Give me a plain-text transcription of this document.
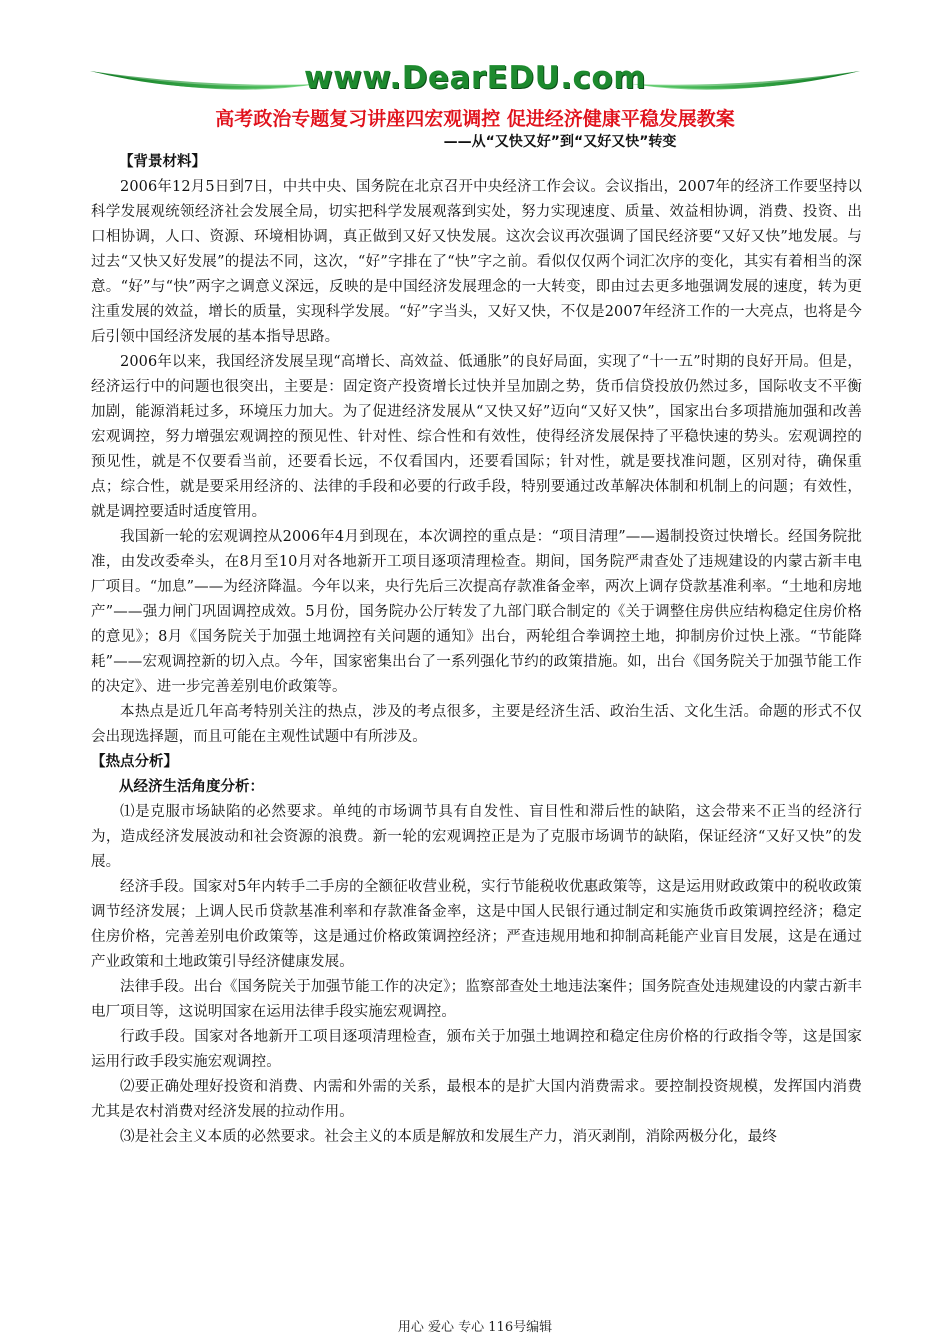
www.DearEDU.com
高考政治专题复习讲座四宏观调控 促进经济健康平稳发展教案
——从“又快又好”到“又好又快”转变
【背景材料】

2006年12月5日到7日，中共中央、国务院在北京召开中央经济工作会议。会议指出，2007年的经济工作要坚持以科学发展观统领经济社会发展全局，切实把科学发展观落到实处，努力实现速度、质量、效益相协调，消费、投资、出口相协调，人口、资源、环境相协调，真正做到又好又快发展。这次会议再次强调了国民经济要“又好又快”地发展。与过去“又快又好发展”的提法不同，这次，“好”字排在了“快”字之前。看似仅仅两个词汇次序的变化，其实有着相当的深意。“好”与“快”两字之调意义深远，反映的是中国经济发展理念的一大转变，即由过去更多地强调发展的速度，转为更注重发展的效益，增长的质量，实现科学发展。“好”字当头，又好又快，不仅是2007年经济工作的一大亮点，也将是今后引领中国经济发展的基本指导思路。

2006年以来，我国经济发展呈现“高增长、高效益、低通胀”的良好局面，实现了“十一五”时期的良好开局。但是，经济运行中的问题也很突出，主要是：固定资产投资增长过快并呈加剧之势，货币信贷投放仍然过多，国际收支不平衡加剧，能源消耗过多，环境压力加大。为了促进经济发展从“又快又好”迈向“又好又快”，国家出台多项措施加强和改善宏观调控，努力增强宏观调控的预见性、针对性、综合性和有效性，使得经济发展保持了平稳快速的势头。宏观调控的预见性，就是不仅要看当前，还要看长远，不仅看国内，还要看国际；针对性，就是要找准问题，区别对待，确保重点；综合性，就是要采用经济的、法律的手段和必要的行政手段，特别要通过改革解决体制和机制上的问题；有效性，就是调控要适时适度管用。

我国新一轮的宏观调控从2006年4月到现在，本次调控的重点是：“项目清理”——遏制投资过快增长。经国务院批准，由发改委牵头，在8月至10月对各地新开工项目逐项清理检查。期间，国务院严肃查处了违规建设的内蒙古新丰电厂项目。“加息”——为经济降温。今年以来，央行先后三次提高存款准备金率，两次上调存贷款基准利率。“土地和房地产”——强力闸门巩固调控成效。5月份，国务院办公厅转发了九部门联合制定的《关于调整住房供应结构稳定住房价格的意见》；8月《国务院关于加强土地调控有关问题的通知》出台，两轮组合拳调控土地，抑制房价过快上涨。“节能降耗”——宏观调控新的切入点。今年，国家密集出台了一系列强化节约的政策措施。如，出台《国务院关于加强节能工作的决定》、进一步完善差别电价政策等。

本热点是近几年高考特别关注的热点，涉及的考点很多，主要是经济生活、政治生活、文化生活。命题的形式不仅会出现选择题，而且可能在主观性试题中有所涉及。

【热点分析】
从经济生活角度分析：

⑴是克服市场缺陷的必然要求。单纯的市场调节具有自发性、盲目性和滞后性的缺陷，这会带来不正当的经济行为，造成经济发展波动和社会资源的浪费。新一轮的宏观调控正是为了克服市场调节的缺陷，保证经济“又好又快”的发展。

经济手段。国家对5年内转手二手房的全额征收营业税，实行节能税收优惠政策等，这是运用财政政策中的税收政策调节经济发展；上调人民币贷款基准利率和存款准备金率，这是中国人民银行通过制定和实施货币政策调控经济；稳定住房价格，完善差别电价政策等，这是通过价格政策调控经济；严查违规用地和抑制高耗能产业盲目发展，这是在通过产业政策和土地政策引导经济健康发展。

法律手段。出台《国务院关于加强节能工作的决定》；监察部查处土地违法案件；国务院查处违规建设的内蒙古新丰电厂项目等，这说明国家在运用法律手段实施宏观调控。

行政手段。国家对各地新开工项目逐项清理检查，颁布关于加强土地调控和稳定住房价格的行政指令等，这是国家运用行政手段实施宏观调控。

⑵要正确处理好投资和消费、内需和外需的关系，最根本的是扩大国内消费需求。要控制投资规模，发挥国内消费尤其是农村消费对经济发展的拉动作用。

⑶是社会主义本质的必然要求。社会主义的本质是解放和发展生产力，消灭剥削，消除两极分化，最终

用心 爱心 专心 116号编辑
